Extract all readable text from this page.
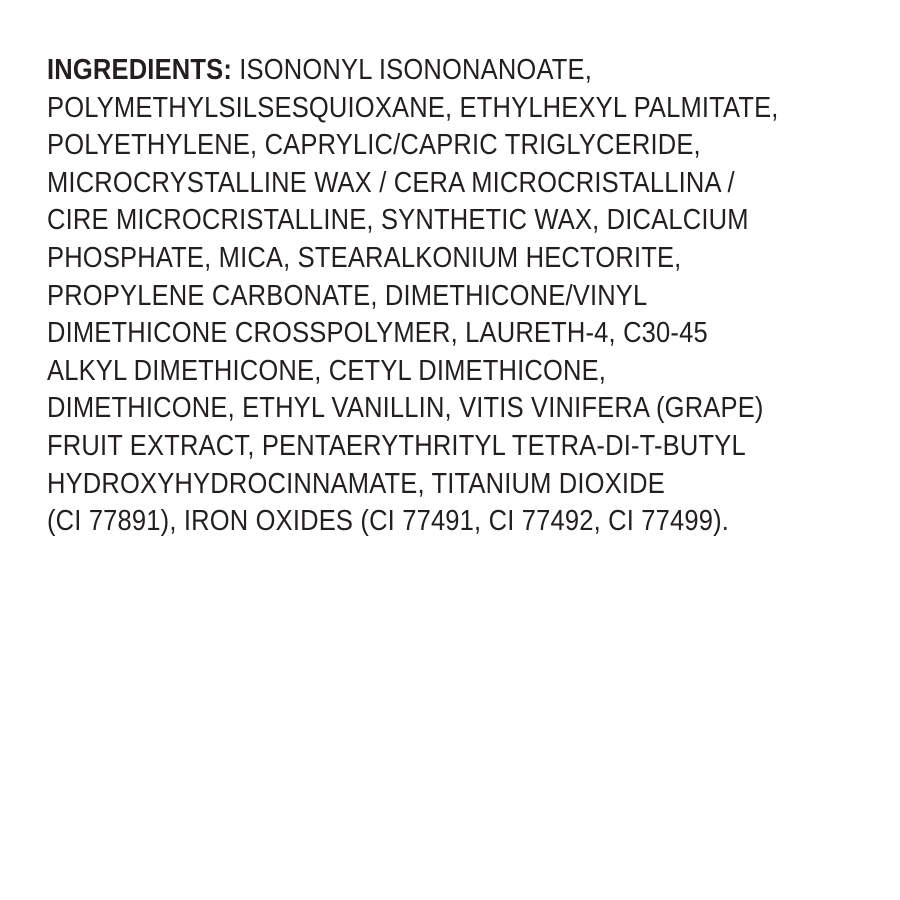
INGREDIENTS: ISONONYL ISONONANOATE,
POLYMETHYLSILSESQUIOXANE, ETHYLHEXYL PALMITATE,
POLYETHYLENE, CAPRYLIC/CAPRIC TRIGLYCERIDE,
MICROCRYSTALLINE WAX / CERA MICROCRISTALLINA /
CIRE MICROCRISTALLINE, SYNTHETIC WAX, DICALCIUM
PHOSPHATE, MICA, STEARALKONIUM HECTORITE,
PROPYLENE CARBONATE, DIMETHICONE/VINYL
DIMETHICONE CROSSPOLYMER, LAURETH-4, C30-45
ALKYL DIMETHICONE, CETYL DIMETHICONE,
DIMETHICONE, ETHYL VANILLIN, VITIS VINIFERA (GRAPE)
FRUIT EXTRACT, PENTAERYTHRITYL TETRA-DI-T-BUTYL
HYDROXYHYDROCINNAMATE, TITANIUM DIOXIDE
(CI 77891), IRON OXIDES (CI 77491, CI 77492, CI 77499).
